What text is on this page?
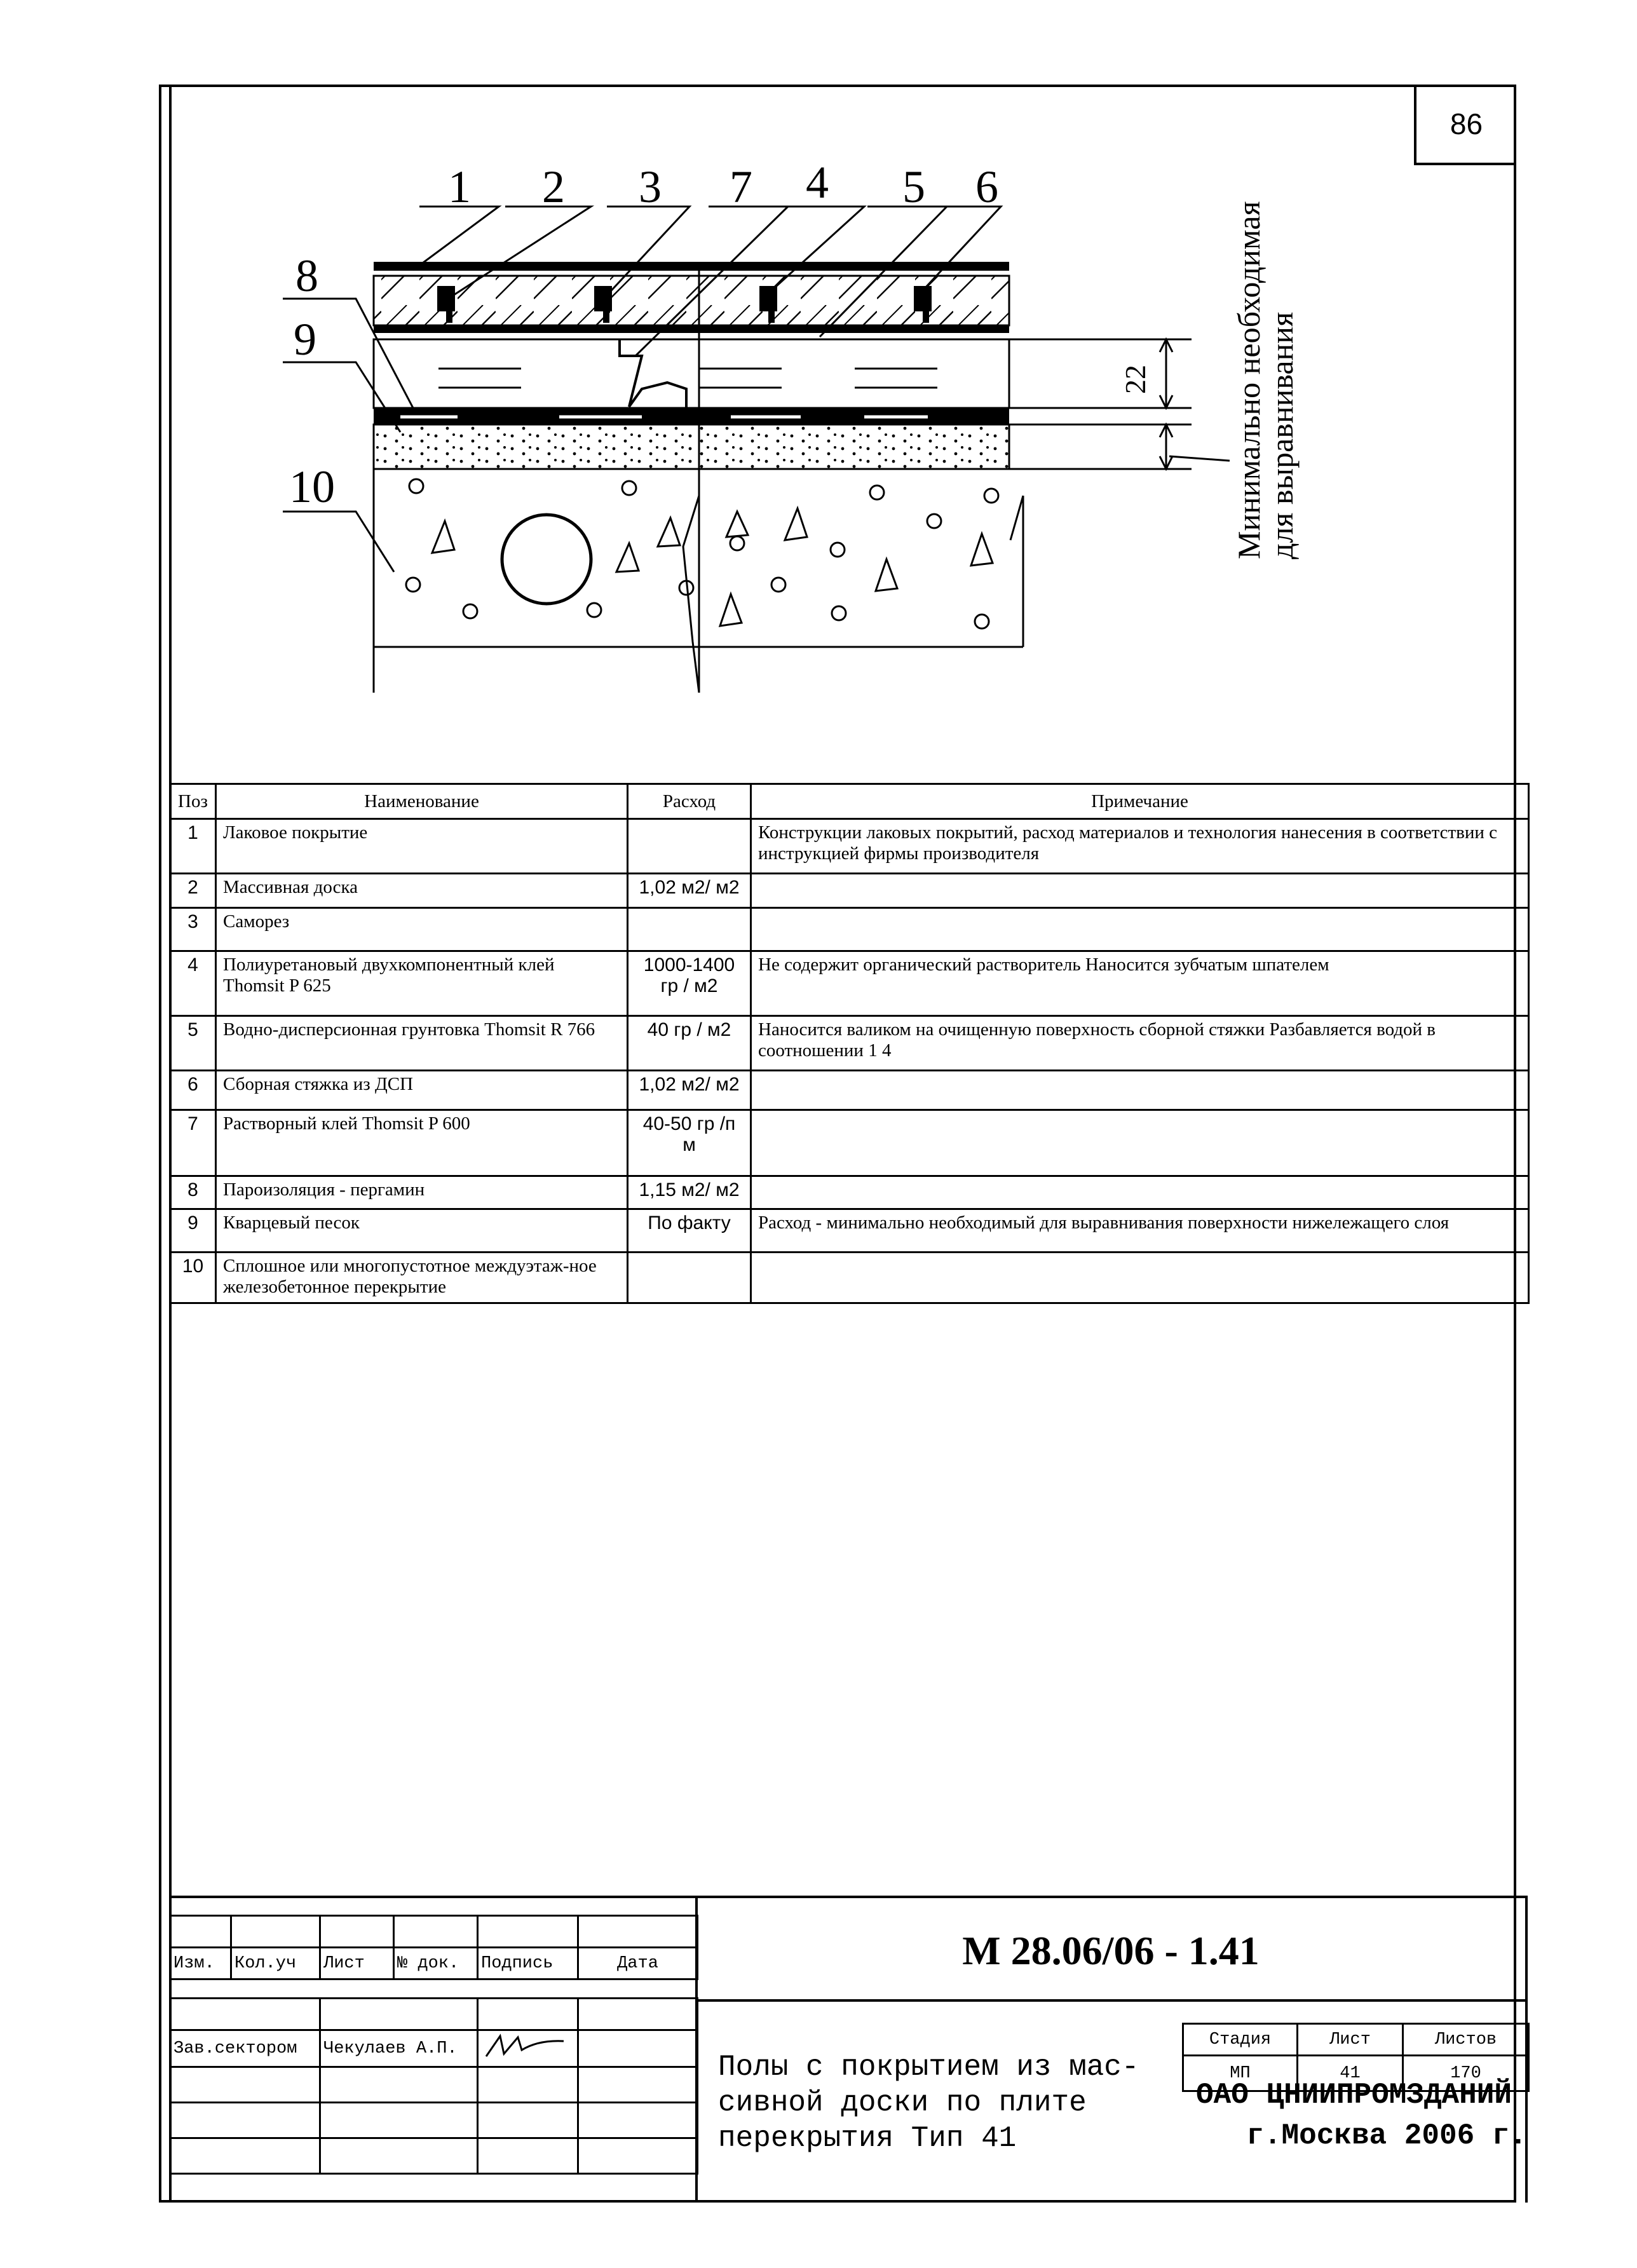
86
1 2 3 7 4 5 6
8
9
10
22	Минимально необходимая
для выравнивания
Поз	Наименование	Расход	Примечание
1	Лаковое покрытие		Конструкции лаковых покрытий, расход материалов и технология нанесения в соответствии с инструкцией фирмы производителя
2	Массивная доска	1,02 м2/ м2	
3	Саморез		
4	Полиуретановый двухкомпонентный клей Thomsit P 625	1000-1400 гр / м2	Не содержит органический растворитель Наносится зубчатым шпателем
5	Водно-дисперсионная грунтовка Thomsit R 766	40 гр / м2	Наносится валиком на очищенную поверхность сборной стяжки Разбавляется водой в соотношении 1 4
6	Сборная стяжка из ДСП	1,02 м2/ м2	
7	Растворный клей Thomsit P 600	40-50 гр /п м	
8	Пароизоляция - пергамин	1,15 м2/ м2	
9	Кварцевый песок	По факту	Расход - минимально необходимый для выравнивания поверхности нижележащего слоя
10	Сплошное или многопустотное междуэтаж-ное железобетонное перекрытие		
М 28.06/06 - 1.41

Изм.	Кол.уч	Лист	№ док.	Подпись	Дата

Зав.сектором	Чекулаев А.П.		

				Стадия	Лист	Листов
МП	41	170
Полы с покрытием из мас-
сивной доски по плите
перекрытия Тип 41
ОАО ЦНИИПРОМЗДАНИЙ
г.Москва 2006 г.
